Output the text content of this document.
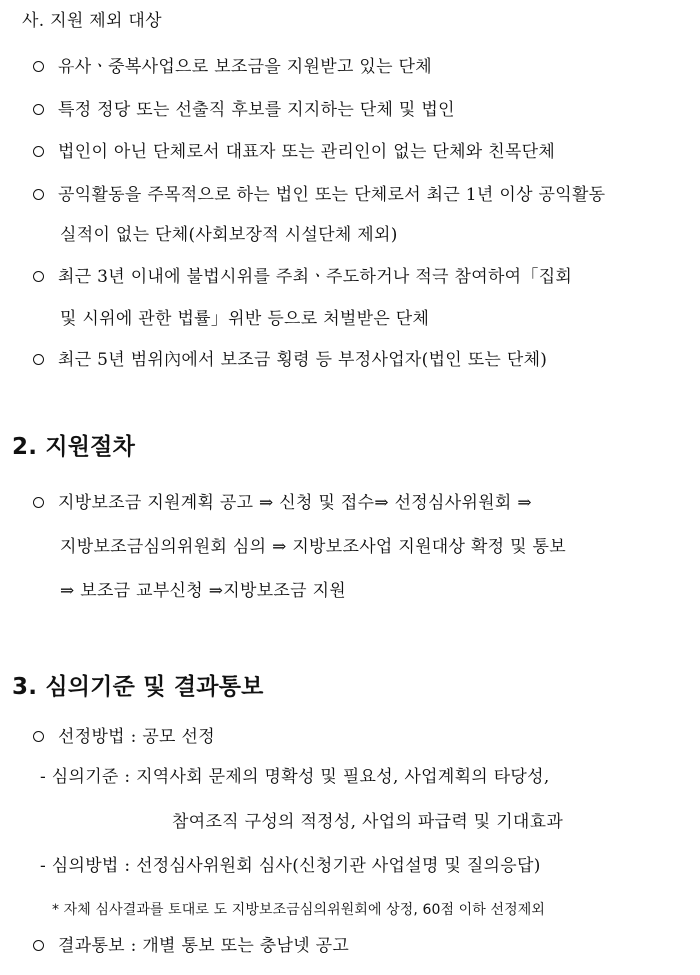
사. 지원 제외 대상
유사ㆍ중복사업으로 보조금을 지원받고 있는 단체
특정 정당 또는 선출직 후보를 지지하는 단체 및 법인
법인이 아닌 단체로서 대표자 또는 관리인이 없는 단체와 친목단체
공익활동을 주목적으로 하는 법인 또는 단체로서 최근 1년 이상 공익활동
실적이 없는 단체(사회보장적 시설단체 제외)
최근 3년 이내에 불법시위를 주최ㆍ주도하거나 적극 참여하여「집회
및 시위에 관한 법률」위반 등으로 처벌받은 단체
최근 5년 범위內에서 보조금 횡령 등 부정사업자(법인 또는 단체)
2. 지원절차
지방보조금 지원계획 공고 ⇒ 신청 및 접수⇒ 선정심사위원회 ⇒
지방보조금심의위원회 심의 ⇒ 지방보조사업 지원대상 확정 및 통보
⇒ 보조금 교부신청 ⇒지방보조금 지원
3. 심의기준 및 결과통보
선정방법 : 공모 선정
- 심의기준 : 지역사회 문제의 명확성 및 필요성, 사업계획의 타당성,
참여조직 구성의 적정성, 사업의 파급력 및 기대효과
- 심의방법 : 선정심사위원회 심사(신청기관 사업설명 및 질의응답)
* 자체 심사결과를 토대로 도 지방보조금심의위원회에 상정, 60점 이하 선정제외
결과통보 : 개별 통보 또는 충남넷 공고
